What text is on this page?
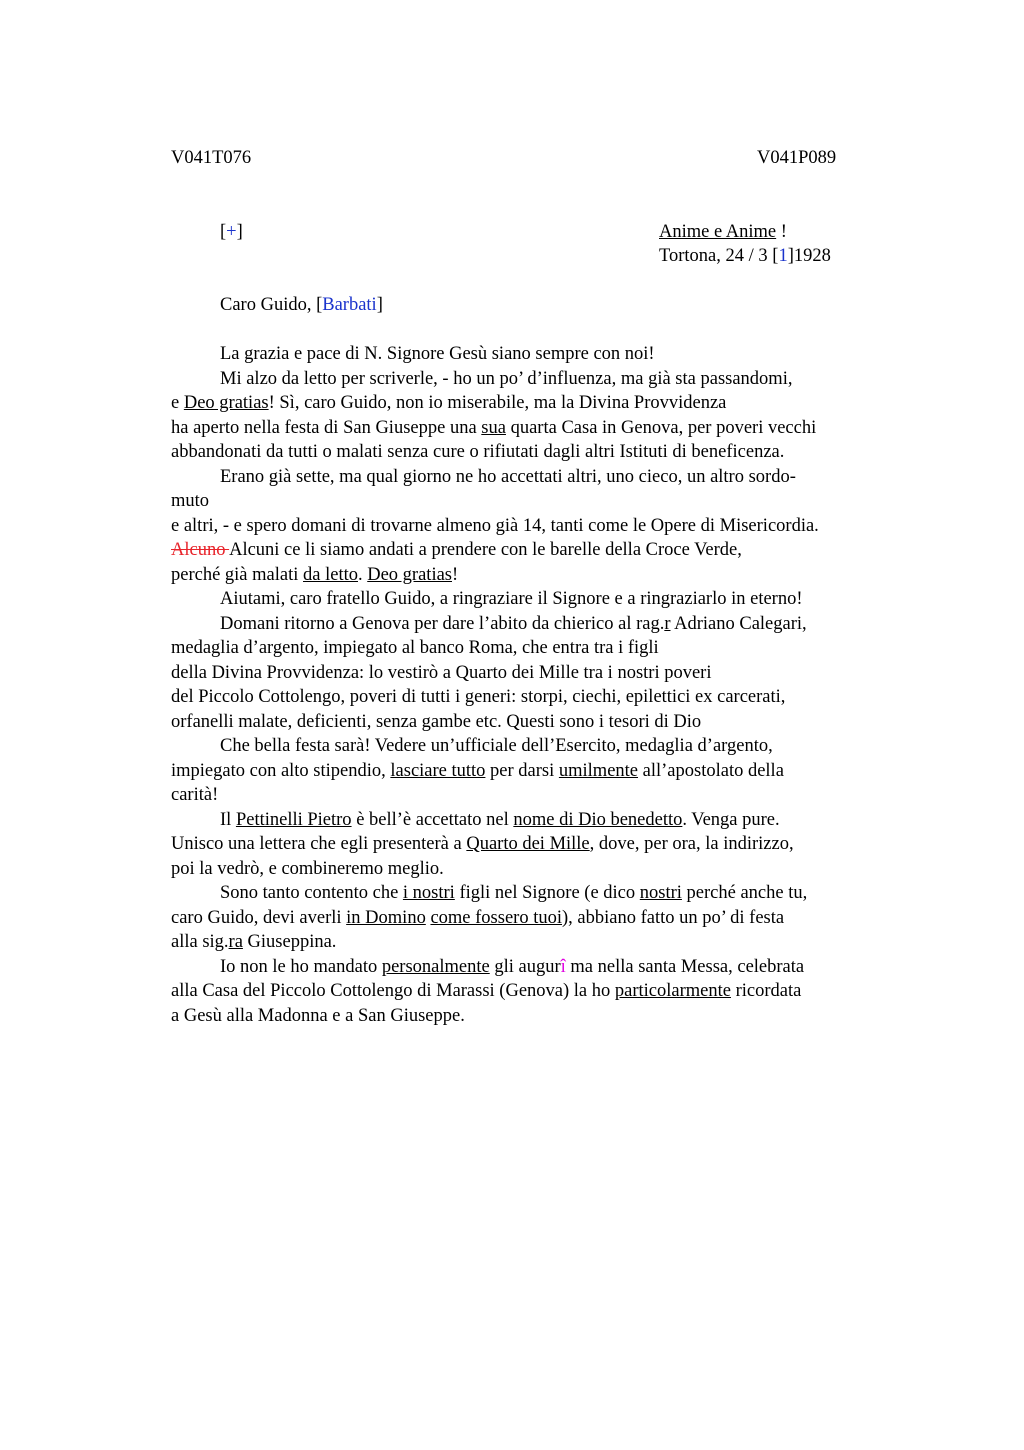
V041T076	V041P089
[+]	Anime e Anime !
Tortona, 24 / 3 [1]1928
Caro Guido, [Barbati]
La grazia e pace di N. Signore Gesù siano sempre con noi!
Mi alzo da letto per scriverle, - ho un po’ d’influenza, ma già sta passandomi,
e Deo gratias! Sì, caro Guido, non io miserabile, ma la Divina Provvidenza
ha aperto nella festa di San Giuseppe una sua quarta Casa in Genova, per poveri vecchi
abbandonati da tutti o malati senza cure o rifiutati dagli altri Istituti di beneficenza.
Erano già sette, ma qual giorno ne ho accettati altri, uno cieco, un altro sordo-
muto
e altri, - e spero domani di trovarne almeno già 14, tanti come le Opere di Misericordia.
Alcuno Alcuni ce li siamo andati a prendere con le barelle della Croce Verde,
perché già malati da letto. Deo gratias!
Aiutami, caro fratello Guido, a ringraziare il Signore e a ringraziarlo in eterno!
Domani ritorno a Genova per dare l’abito da chierico al rag.r Adriano Calegari,
medaglia d’argento, impiegato al banco Roma, che entra tra i figli
della Divina Provvidenza: lo vestirò a Quarto dei Mille tra i nostri poveri
del Piccolo Cottolengo, poveri di tutti i generi: storpi, ciechi, epilettici ex carcerati,
orfanelli malate, deficienti, senza gambe etc. Questi sono i tesori di Dio
Che bella festa sarà! Vedere un’ufficiale dell’Esercito, medaglia d’argento,
impiegato con alto stipendio, lasciare tutto per darsi umilmente all’apostolato della
carità!
Il Pettinelli Pietro è bell’è accettato nel nome di Dio benedetto. Venga pure.
Unisco una lettera che egli presenterà a Quarto dei Mille, dove, per ora, la indirizzo,
poi la vedrò, e combineremo meglio.
Sono tanto contento che i nostri figli nel Signore (e dico nostri perché anche tu,
caro Guido, devi averli in Domino come fossero tuoi), abbiano fatto un po’ di festa
alla sig.ra Giuseppina.
Io non le ho mandato personalmente gli augurî ma nella santa Messa, celebrata
alla Casa del Piccolo Cottolengo di Marassi (Genova) la ho particolarmente ricordata
a Gesù alla Madonna e a San Giuseppe.
